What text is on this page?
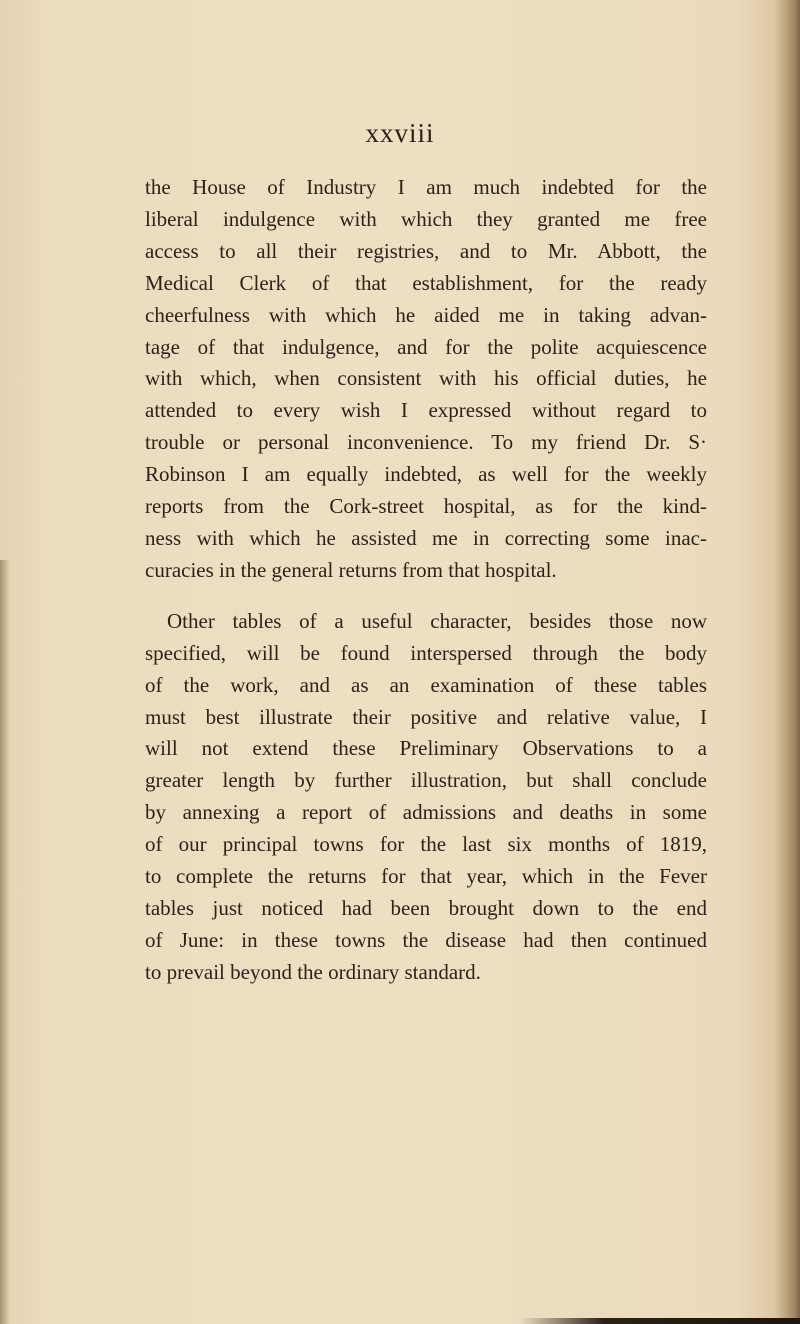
xxviii

the House of Industry I am much indebted for the

liberal indulgence with which they granted me free

access to all their registries, and to Mr. Abbott, the

Medical Clerk of that establishment, for the ready

cheerfulness with which he aided me in taking advan-

tage of that indulgence, and for the polite acquiescence

with which, when consistent with his official duties, he

attended to every wish I expressed without regard to

trouble or personal inconvenience. To my friend Dr. S·

Robinson I am equally indebted, as well for the weekly

reports from the Cork-street hospital, as for the kind-

ness with which he assisted me in correcting some inac-

curacies in the general returns from that hospital.

Other tables of a useful character, besides those now

specified, will be found interspersed through the body

of the work, and as an examination of these tables

must best illustrate their positive and relative value, I

will not extend these Preliminary Observations to a

greater length by further illustration, but shall conclude

by annexing a report of admissions and deaths in some

of our principal towns for the last six months of 1819,

to complete the returns for that year, which in the Fever

tables just noticed had been brought down to the end

of June: in these towns the disease had then continued

to prevail beyond the ordinary standard.
